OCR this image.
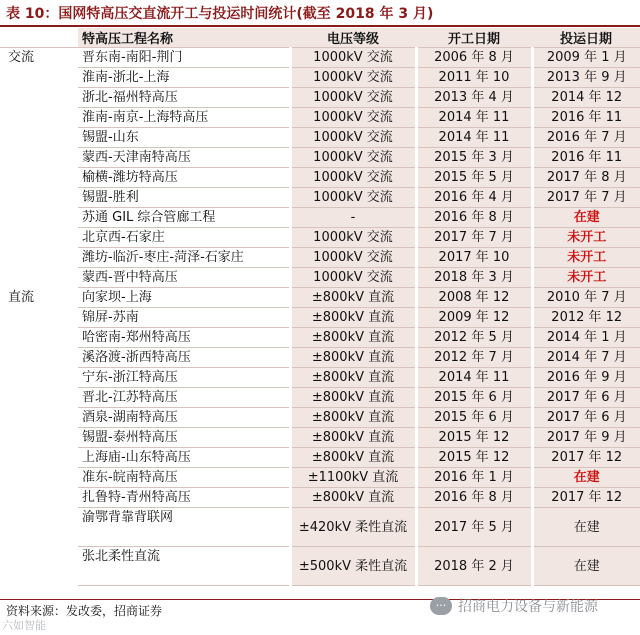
表 10：国网特高压交直流开工与投运时间统计(截至 2018 年 3 月)
	特高压工程名称	电压等级	开工日期	投运日期
交流	晋东南-南阳-荆门	1000kV 交流	2006 年 8 月	2009 年 1 月
	淮南-浙北-上海	1000kV 交流	2011 年 10	2013 年 9 月
	浙北-福州特高压	1000kV 交流	2013 年 4 月	2014 年 12
	淮南-南京-上海特高压	1000kV 交流	2014 年 11	2016 年 11
	锡盟-山东	1000kV 交流	2014 年 11	2016 年 7 月
	蒙西-天津南特高压	1000kV 交流	2015 年 3 月	2016 年 11
	榆横-潍坊特高压	1000kV 交流	2015 年 5 月	2017 年 8 月
	锡盟-胜利	1000kV 交流	2016 年 4 月	2017 年 7 月
	苏通 GIL 综合管廊工程	-	2016 年 8 月	在建
	北京西-石家庄	1000kV 交流	2017 年 7 月	未开工
	潍坊-临沂-枣庄-菏泽-石家庄	1000kV 交流	2017 年 10	未开工
	蒙西-晋中特高压	1000kV 交流	2018 年 3 月	未开工
直流	向家坝-上海	±800kV 直流	2008 年 12	2010 年 7 月
	锦屏-苏南	±800kV 直流	2009 年 12	2012 年 12
	哈密南-郑州特高压	±800kV 直流	2012 年 5 月	2014 年 1 月
	溪洛渡-浙西特高压	±800kV 直流	2012 年 7 月	2014 年 7 月
	宁东-浙江特高压	±800kV 直流	2014 年 11	2016 年 9 月
	晋北-江苏特高压	±800kV 直流	2015 年 6 月	2017 年 6 月
	酒泉-湖南特高压	±800kV 直流	2015 年 6 月	2017 年 6 月
	锡盟-泰州特高压	±800kV 直流	2015 年 12	2017 年 9 月
	上海庙-山东特高压	±800kV 直流	2015 年 12	2017 年 12
	准东-皖南特高压	±1100kV 直流	2016 年 1 月	在建
	扎鲁特-青州特高压	±800kV 直流	2016 年 8 月	2017 年 12
	渝鄂背靠背联网	±420kV 柔性直流	2017 年 5 月	在建
	张北柔性直流	±500kV 柔性直流	2018 年 2 月	在建
资料来源：发改委，招商证券	··· 招商电力设备与新能源
六如智能
